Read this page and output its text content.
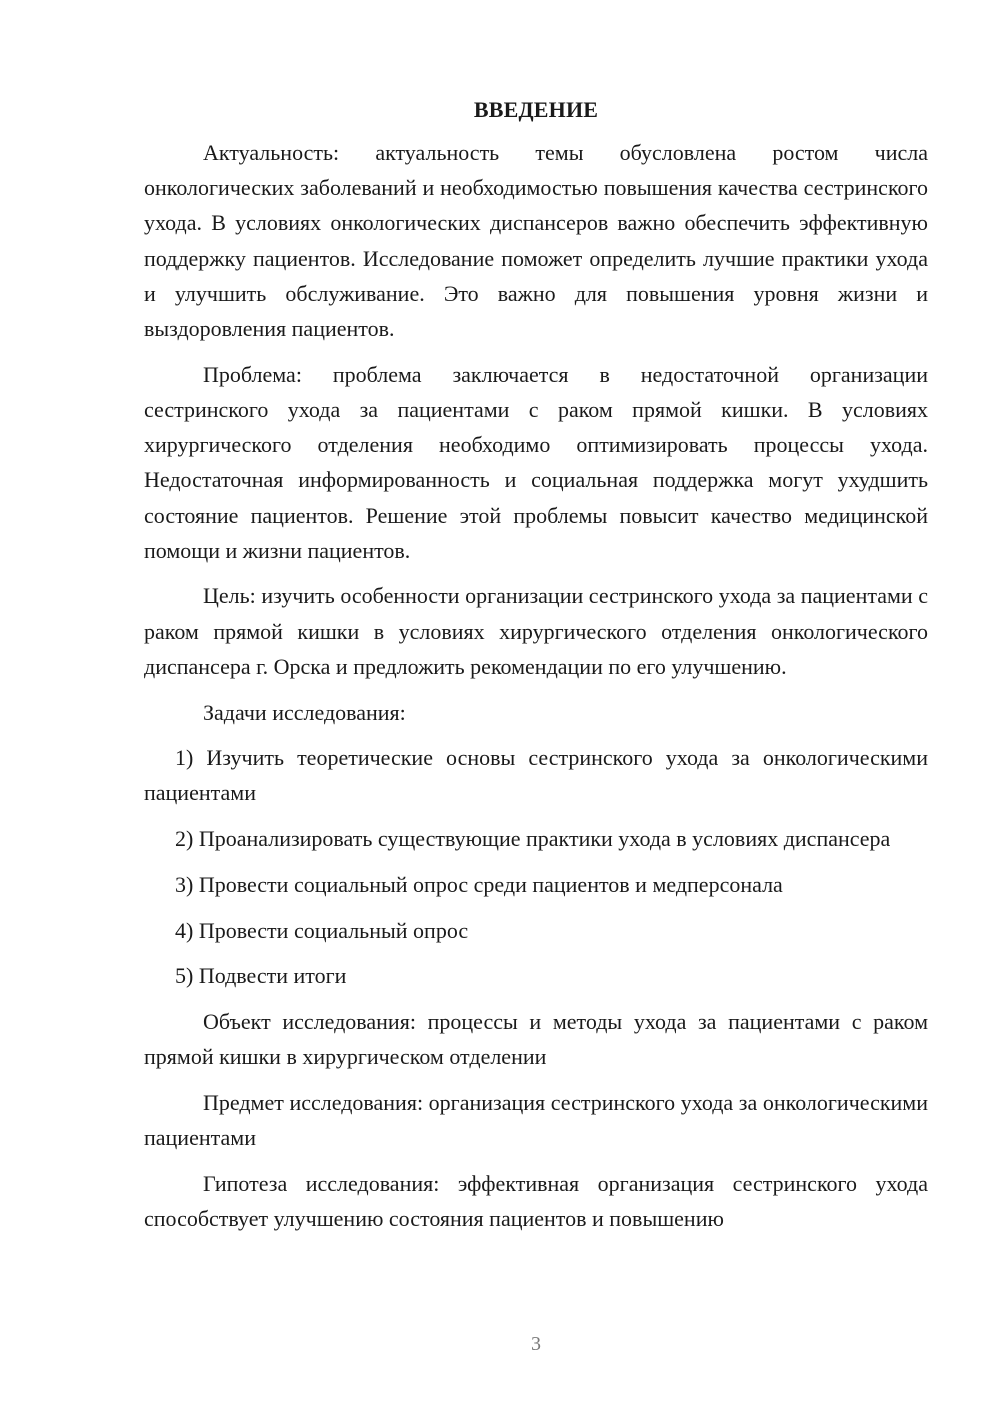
ВВЕДЕНИЕ

Актуальность: актуальность темы обусловлена ростом числа онкологических заболеваний и необходимостью повышения качества сестринского ухода. В условиях онкологических диспансеров важно обеспечить эффективную поддержку пациентов. Исследование поможет определить лучшие практики ухода и улучшить обслуживание. Это важно для повышения уровня жизни и выздоровления пациентов.

Проблема: проблема заключается в недостаточной организации сестринского ухода за пациентами с раком прямой кишки. В условиях хирургического отделения необходимо оптимизировать процессы ухода. Недостаточная информированность и социальная поддержка могут ухудшить состояние пациентов. Решение этой проблемы повысит качество медицинской помощи и жизни пациентов.

Цель: изучить особенности организации сестринского ухода за пациентами с раком прямой кишки в условиях хирургического отделения онкологического диспансера г. Орска и предложить рекомендации по его улучшению.

Задачи исследования:

1) Изучить теоретические основы сестринского ухода за онкологическими пациентами

2) Проанализировать существующие практики ухода в условиях диспансера

3) Провести социальный опрос среди пациентов и медперсонала

4) Провести социальный опрос

5) Подвести итоги

Объект исследования: процессы и методы ухода за пациентами с раком прямой кишки в хирургическом отделении

Предмет исследования: организация сестринского ухода за онкологическими пациентами

Гипотеза исследования: эффективная организация сестринского ухода способствует улучшению состояния пациентов и повышению

3
